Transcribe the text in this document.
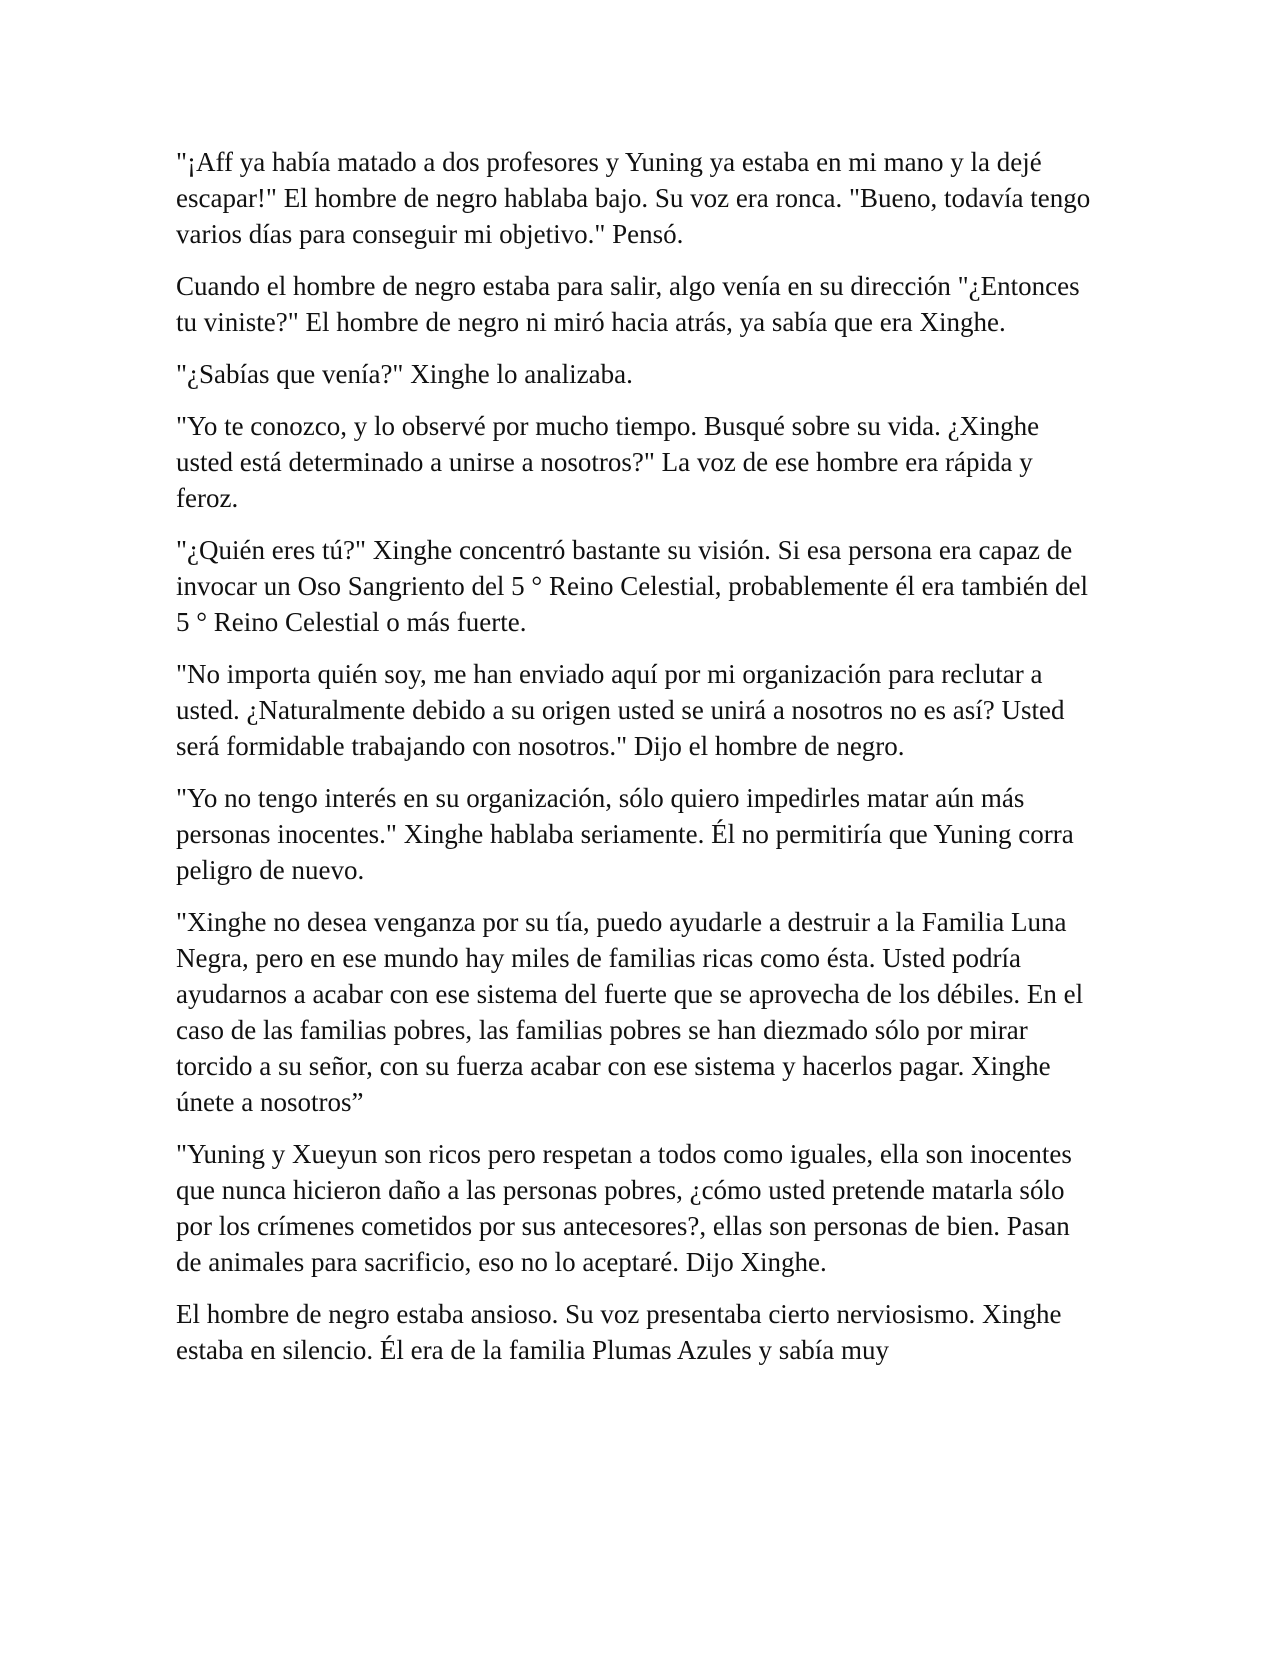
"¡Aff ya había matado a dos profesores y Yuning ya estaba en mi mano y la dejé escapar!" El hombre de negro hablaba bajo. Su voz era ronca. "Bueno, todavía tengo varios días para conseguir mi objetivo." Pensó.

Cuando el hombre de negro estaba para salir, algo venía en su dirección "¿Entonces tu viniste?" El hombre de negro ni miró hacia atrás, ya sabía que era Xinghe.

"¿Sabías que venía?" Xinghe lo analizaba.

"Yo te conozco, y lo observé por mucho tiempo. Busqué sobre su vida. ¿Xinghe usted está determinado a unirse a nosotros?" La voz de ese hombre era rápida y feroz.

"¿Quién eres tú?" Xinghe concentró bastante su visión. Si esa persona era capaz de invocar un Oso Sangriento del 5 ° Reino Celestial, probablemente él era también del 5 ° Reino Celestial o más fuerte.

"No importa quién soy, me han enviado aquí por mi organización para reclutar a usted. ¿Naturalmente debido a su origen usted se unirá a nosotros no es así? Usted será formidable trabajando con nosotros." Dijo el hombre de negro.

"Yo no tengo interés en su organización, sólo quiero impedirles matar aún más personas inocentes." Xinghe hablaba seriamente. Él no permitiría que Yuning corra peligro de nuevo.

"Xinghe no desea venganza por su tía, puedo ayudarle a destruir a la Familia Luna Negra, pero en ese mundo hay miles de familias ricas como ésta. Usted podría ayudarnos a acabar con ese sistema del fuerte que se aprovecha de los débiles. En el caso de las familias pobres, las familias pobres se han diezmado sólo por mirar torcido a su señor, con su fuerza acabar con ese sistema y hacerlos pagar. Xinghe únete a nosotros”

"Yuning y Xueyun son ricos pero respetan a todos como iguales, ella son inocentes que nunca hicieron daño a las personas pobres, ¿cómo usted pretende matarla sólo por los crímenes cometidos por sus antecesores?, ellas son personas de bien. Pasan de animales para sacrificio, eso no lo aceptaré. Dijo Xinghe.

El hombre de negro estaba ansioso. Su voz presentaba cierto nerviosismo. Xinghe estaba en silencio. Él era de la familia Plumas Azules y sabía muy
